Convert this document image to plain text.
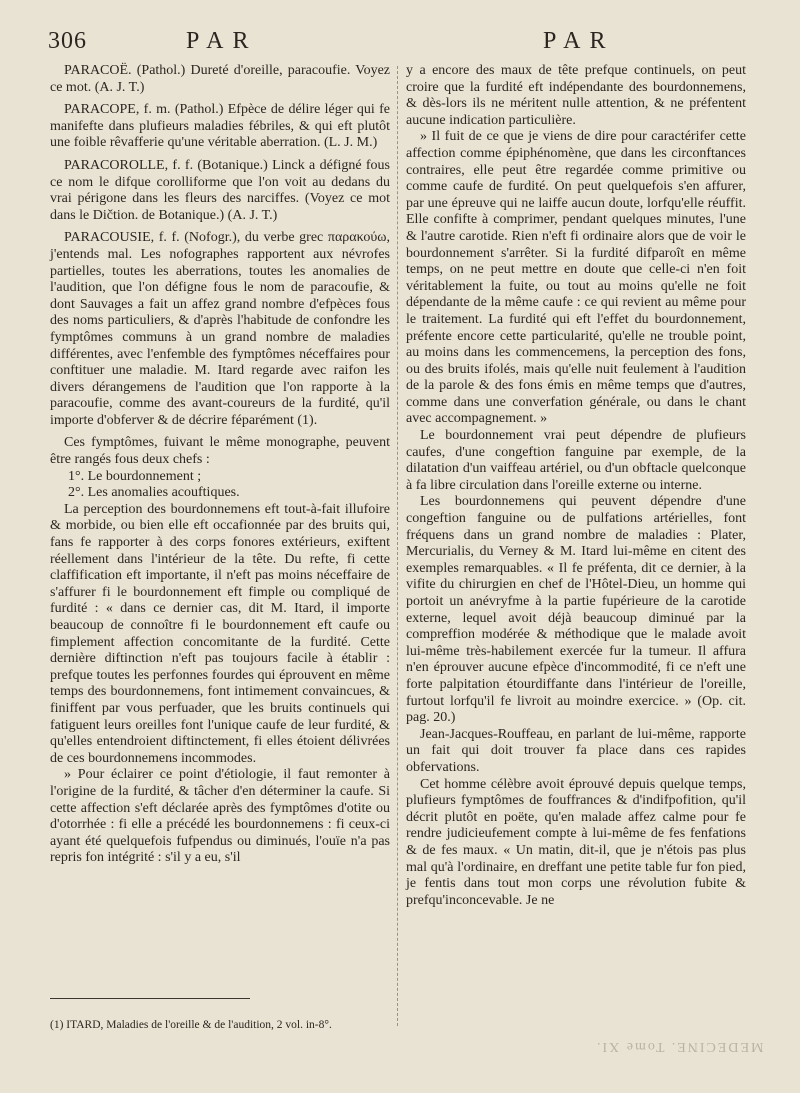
306	PAR	PAR

PARACOË. (Pathol.) Dureté d'oreille, paracoufie. Voyez ce mot. (A. J. T.)

PARACOPE, f. m. (Pathol.) Efpèce de délire léger qui fe manifefte dans plufieurs maladies fébriles, & qui eft plutôt une foible rêvafferie qu'une véritable aberration. (L. J. M.)

PARACOROLLE, f. f. (Botanique.) Linck a défigné fous ce nom le difque corolliforme que l'on voit au dedans du vrai périgone dans les fleurs des narciffes. (Voyez ce mot dans le Dičtion. de Botanique.) (A. J. T.)

PARACOUSIE, f. f. (Nofogr.), du verbe grec παρακούω, j'entends mal. Les nofographes rapportent aux névrofes partielles, toutes les aberrations, toutes les anomalies de l'audition, que l'on défigne fous le nom de paracoufie, & dont Sauvages a fait un affez grand nombre d'efpèces fous des noms particuliers, & d'après l'habitude de confondre les fymptômes communs à un grand nombre de maladies différentes, avec l'enfemble des fymptômes néceffaires pour conftituer une maladie. M. Itard regarde avec raifon les divers dérangemens de l'audition que l'on rapporte à la paracoufie, comme des avant-coureurs de la furdité, qu'il importe d'obferver & de décrire féparément (1).

Ces fymptômes, fuivant le même monographe, peuvent être rangés fous deux chefs :

1°. Le bourdonnement ;

2°. Les anomalies acouftiques.

La perception des bourdonnemens eft tout-à-fait illufoire & morbide, ou bien elle eft occafionnée par des bruits qui, fans fe rapporter à des corps fonores extérieurs, exiftent réellement dans l'intérieur de la tête. Du refte, fi cette claffification eft importante, il n'eft pas moins néceffaire de s'affurer fi le bourdonnement eft fimple ou compliqué de furdité : « dans ce dernier cas, dit M. Itard, il importe beaucoup de connoître fi le bourdonnement eft caufe ou fimplement affection concomitante de la furdité. Cette dernière diftinction n'eft pas toujours facile à établir : prefque toutes les perfonnes fourdes qui éprouvent en même temps des bourdonnemens, font intimement convaincues, & finiffent par vous perfuader, que les bruits continuels qui fatiguent leurs oreilles font l'unique caufe de leur furdité, & qu'elles entendroient diftinctement, fi elles étoient délivrées de ces bourdonnemens incommodes.

» Pour éclairer ce point d'étiologie, il faut remonter à l'origine de la furdité, & tâcher d'en déterminer la caufe. Si cette affection s'eft déclarée après des fymptômes d'otite ou d'otorrhée : fi elle a précédé les bourdonnemens : fi ceux-ci ayant été quelquefois fufpendus ou diminués, l'ouïe n'a pas repris fon intégrité : s'il y a eu, s'il

y a encore des maux de tête prefque continuels, on peut croire que la furdité eft indépendante des bourdonnemens, & dès-lors ils ne méritent nulle attention, & ne préfentent aucune indication particulière.

» Il fuit de ce que je viens de dire pour caractérifer cette affection comme épiphénomène, que dans les circonftances contraires, elle peut être regardée comme primitive ou comme caufe de furdité. On peut quelquefois s'en affurer, par une épreuve qui ne laiffe aucun doute, lorfqu'elle réuffit. Elle confifte à comprimer, pendant quelques minutes, l'une & l'autre carotide. Rien n'eft fi ordinaire alors que de voir le bourdonnement s'arrêter. Si la furdité difparoît en même temps, on ne peut mettre en doute que celle-ci n'en foit véritablement la fuite, ou tout au moins qu'elle ne foit dépendante de la même caufe : ce qui revient au même pour le traitement. La furdité qui eft l'effet du bourdonnement, préfente encore cette particularité, qu'elle ne trouble point, au moins dans les commencemens, la perception des fons, ou des bruits ifolés, mais qu'elle nuit feulement à l'audition de la parole & des fons émis en même temps que d'autres, comme dans une converfation générale, ou dans le chant avec accompagnement. »

Le bourdonnement vrai peut dépendre de plufieurs caufes, d'une congeftion fanguine par exemple, de la dilatation d'un vaiffeau artériel, ou d'un obftacle quelconque à fa libre circulation dans l'oreille externe ou interne.

Les bourdonnemens qui peuvent dépendre d'une congeftion fanguine ou de pulfations artérielles, font fréquens dans un grand nombre de maladies : Plater, Mercurialis, du Verney & M. Itard lui-même en citent des exemples remarquables. « Il fe préfenta, dit ce dernier, à la vifite du chirurgien en chef de l'Hôtel-Dieu, un homme qui portoit un anévryfme à la partie fupérieure de la carotide externe, lequel avoit déjà beaucoup diminué par la compreffion modérée & méthodique que le malade avoit lui-même très-habilement exercée fur la tumeur. Il affura n'en éprouver aucune efpèce d'incommodité, fi ce n'eft une forte palpitation étourdiffante dans l'intérieur de l'oreille, furtout lorfqu'il fe livroit au moindre exercice. » (Op. cit. pag. 20.)

Jean-Jacques-Rouffeau, en parlant de lui-même, rapporte un fait qui doit trouver fa place dans ces rapides obfervations.

Cet homme célèbre avoit éprouvé depuis quelque temps, plufieurs fymptômes de fouffrances & d'indifpofition, qu'il décrit plutôt en poëte, qu'en malade affez calme pour fe rendre judicieufement compte à lui-même de fes fenfations & de fes maux. « Un matin, dit-il, que je n'étois pas plus mal qu'à l'ordinaire, en dreffant une petite table fur fon pied, je fentis dans tout mon corps une révolution fubite & prefqu'inconcevable. Je ne

(1) ITARD, Maladies de l'oreille & de l'audition, 2 vol. in-8°.

MEDECINE. Tome XI.
